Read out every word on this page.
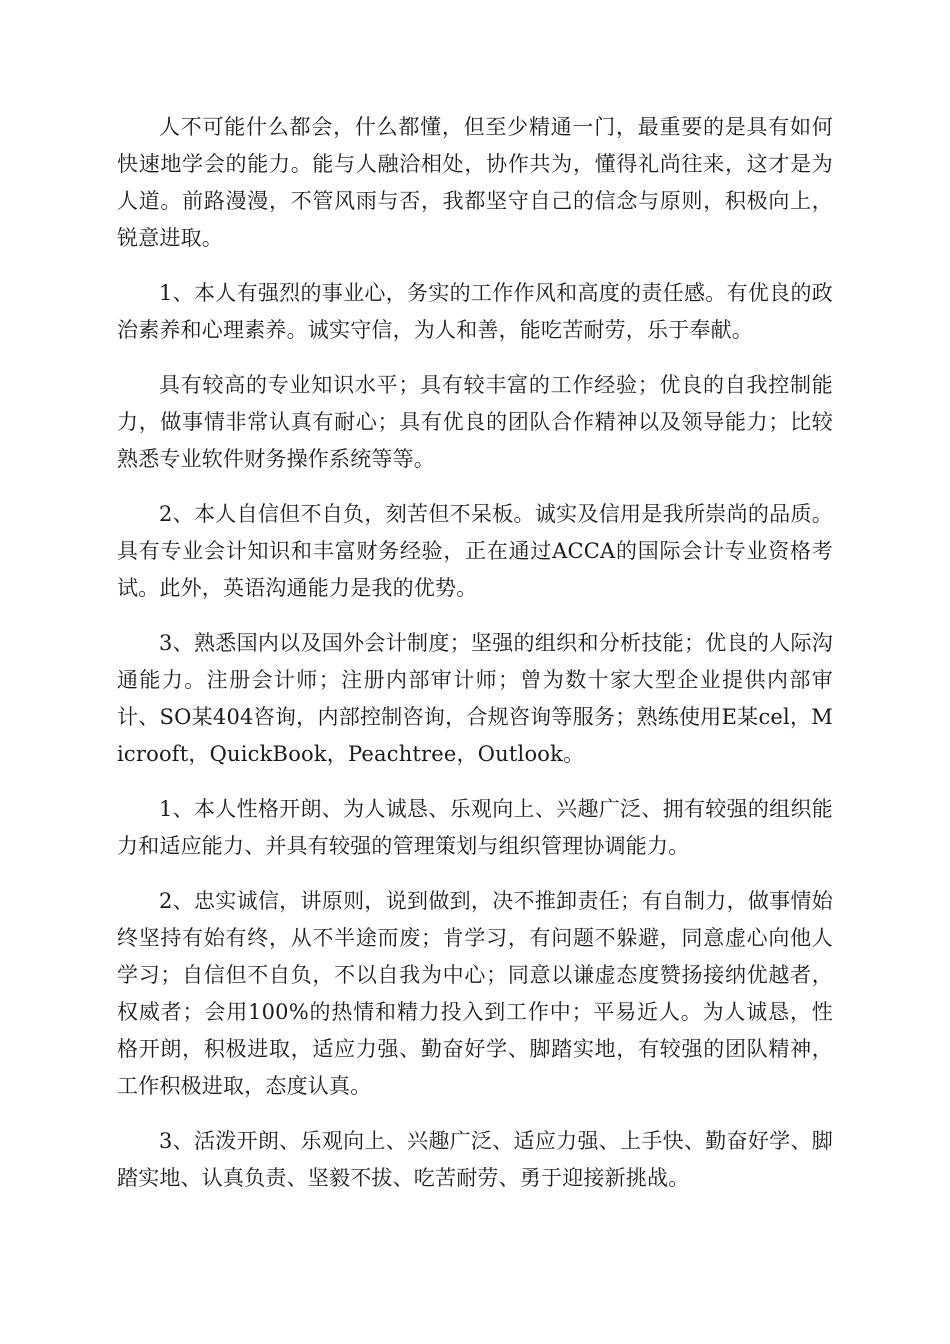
人不可能什么都会，什么都懂，但至少精通一门，最重要的是具有如何快速地学会的能力。能与人融洽相处，协作共为，懂得礼尚往来，这才是为人道。前路漫漫，不管风雨与否，我都坚守自己的信念与原则，积极向上，锐意进取。

1、本人有强烈的事业心，务实的工作作风和高度的责任感。有优良的政治素养和心理素养。诚实守信，为人和善，能吃苦耐劳，乐于奉献。

具有较高的专业知识水平；具有较丰富的工作经验；优良的自我控制能力，做事情非常认真有耐心；具有优良的团队合作精神以及领导能力；比较熟悉专业软件财务操作系统等等。

2、本人自信但不自负，刻苦但不呆板。诚实及信用是我所崇尚的品质。具有专业会计知识和丰富财务经验，正在通过ACCA的国际会计专业资格考试。此外，英语沟通能力是我的优势。

3、熟悉国内以及国外会计制度；坚强的组织和分析技能；优良的人际沟通能力。注册会计师；注册内部审计师；曾为数十家大型企业提供内部审计、SO某404咨询，内部控制咨询，合规咨询等服务；熟练使用E某cel，Microoft，QuickBook，Peachtree，Outlook。

1、本人性格开朗、为人诚恳、乐观向上、兴趣广泛、拥有较强的组织能力和适应能力、并具有较强的管理策划与组织管理协调能力。

2、忠实诚信，讲原则，说到做到，决不推卸责任；有自制力，做事情始终坚持有始有终，从不半途而废；肯学习，有问题不躲避，同意虚心向他人学习；自信但不自负，不以自我为中心；同意以谦虚态度赞扬接纳优越者，权威者；会用100%的热情和精力投入到工作中；平易近人。为人诚恳，性格开朗，积极进取，适应力强、勤奋好学、脚踏实地，有较强的团队精神，工作积极进取，态度认真。

3、活泼开朗、乐观向上、兴趣广泛、适应力强、上手快、勤奋好学、脚踏实地、认真负责、坚毅不拔、吃苦耐劳、勇于迎接新挑战。
